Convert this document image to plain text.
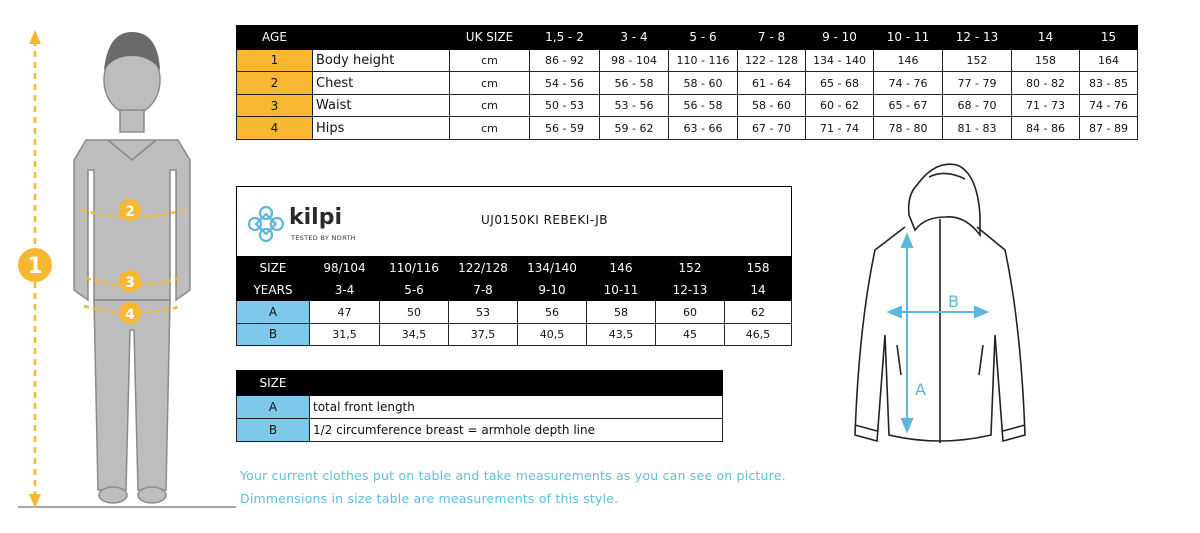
1
2
3
4
AGE		UK SIZE	1,5 - 2	3 - 4	5 - 6	7 - 8	9 - 10	10 - 11	12 - 13	14	15
1	Body height	cm	86 - 92	98 - 104	110 - 116	122 - 128	134 - 140	146	152	158	164
2	Chest	cm	54 - 56	56 - 58	58 - 60	61 - 64	65 - 68	74 - 76	77 - 79	80 - 82	83 - 85
3	Waist	cm	50 - 53	53 - 56	56 - 58	58 - 60	60 - 62	65 - 67	68 - 70	71 - 73	74 - 76
4	Hips	cm	56 - 59	59 - 62	63 - 66	67 - 70	71 - 74	78 - 80	81 - 83	84 - 86	87 - 89
kilpi
TESTED BY NORTH
UJ0150KI REBEKI-JB							

SIZE	98/104	110/116	122/128	134/140	146	152	158
YEARS	3-4	5-6	7-8	9-10	10-11	12-13	14
A	47	50	53	56	58	60	62
B	31,5	34,5	37,5	40,5	43,5	45	46,5
SIZE	
A	total front length
B	1/2 circumference breast = armhole depth line
Your current clothes put on table and take measurements as you can see on picture.
Dimmensions in size table are measurements of this style.
A
B
